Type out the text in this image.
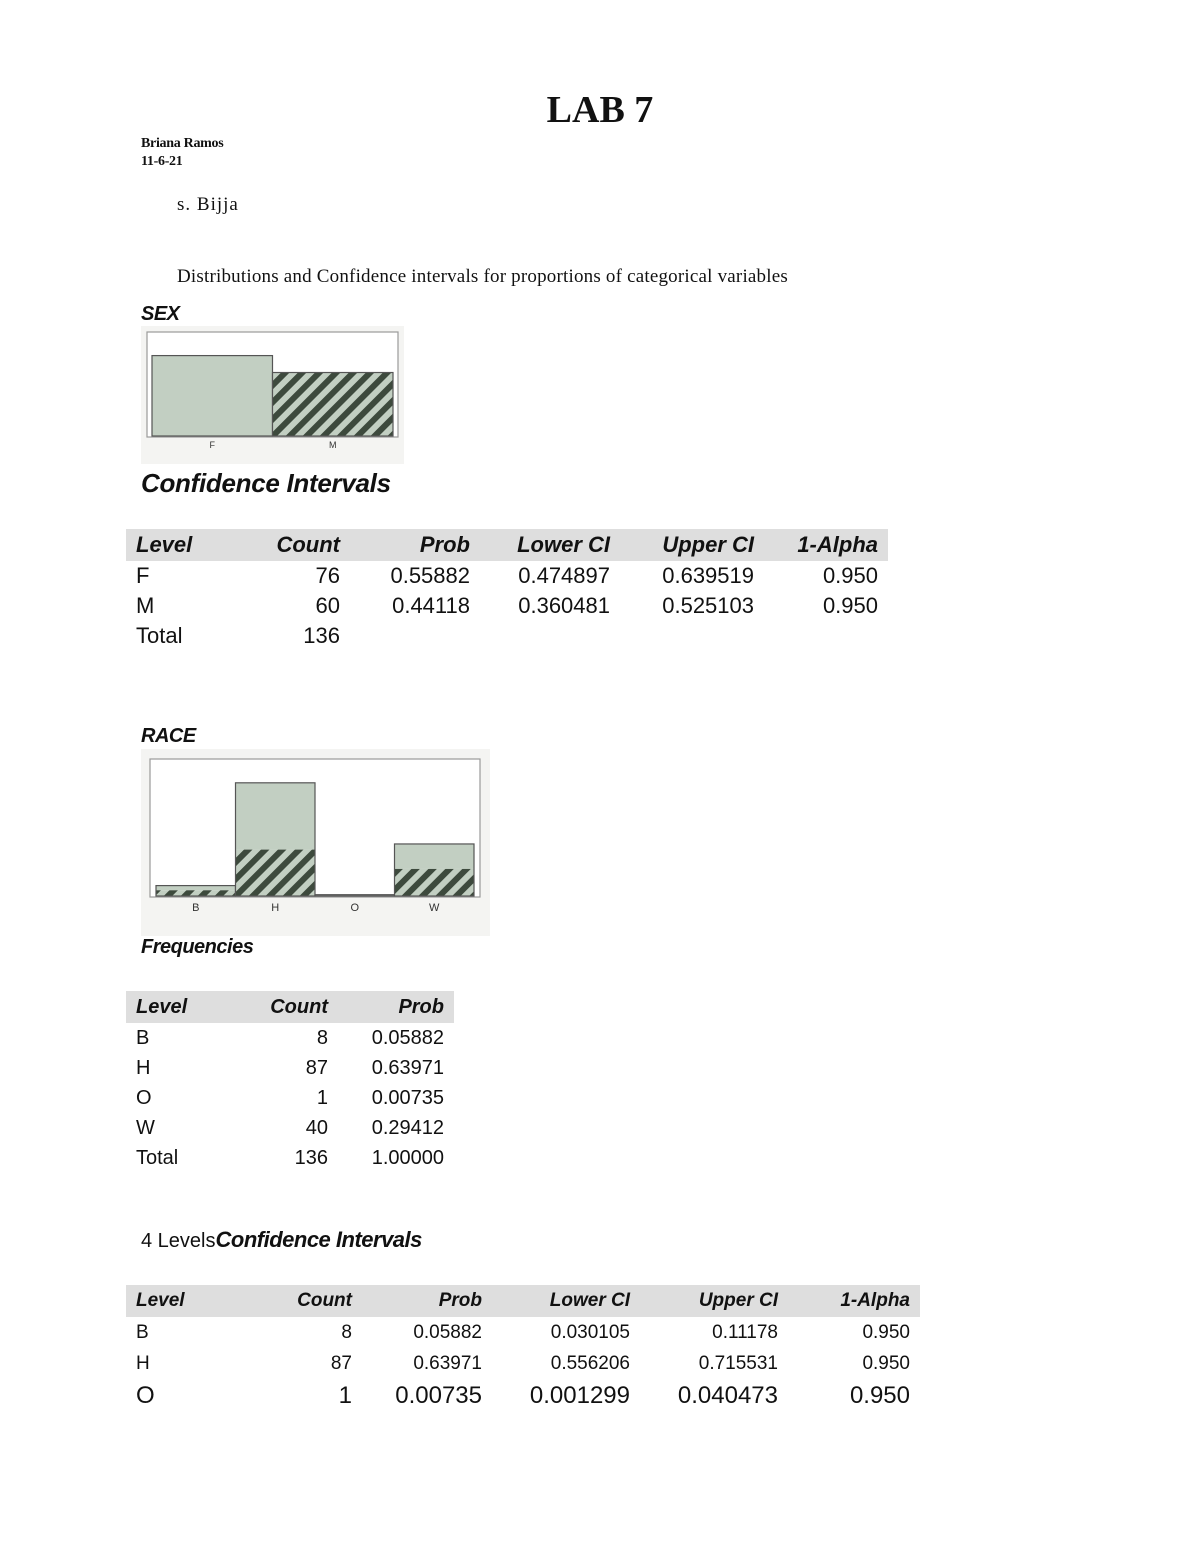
LAB 7
Briana Ramos
11-6-21
s. Bijja
Distributions and Confidence intervals for proportions of categorical variables
SEX
F	M
Confidence Intervals
Level	Count	Prob	Lower CI	Upper CI	1-Alpha
F	76	0.55882	0.474897	0.639519	0.950
M	60	0.44118	0.360481	0.525103	0.950
Total	136				
RACE
B	H	O	W
Frequencies
Level	Count	Prob
B	8	0.05882
H	87	0.63971
O	1	0.00735
W	40	0.29412
Total	136	1.00000
4 LevelsConfidence Intervals
Level	Count	Prob	Lower CI	Upper CI	1-Alpha
B	8	0.05882	0.030105	0.11178	0.950
H	87	0.63971	0.556206	0.715531	0.950
O	1	0.00735	0.001299	0.040473	0.950
